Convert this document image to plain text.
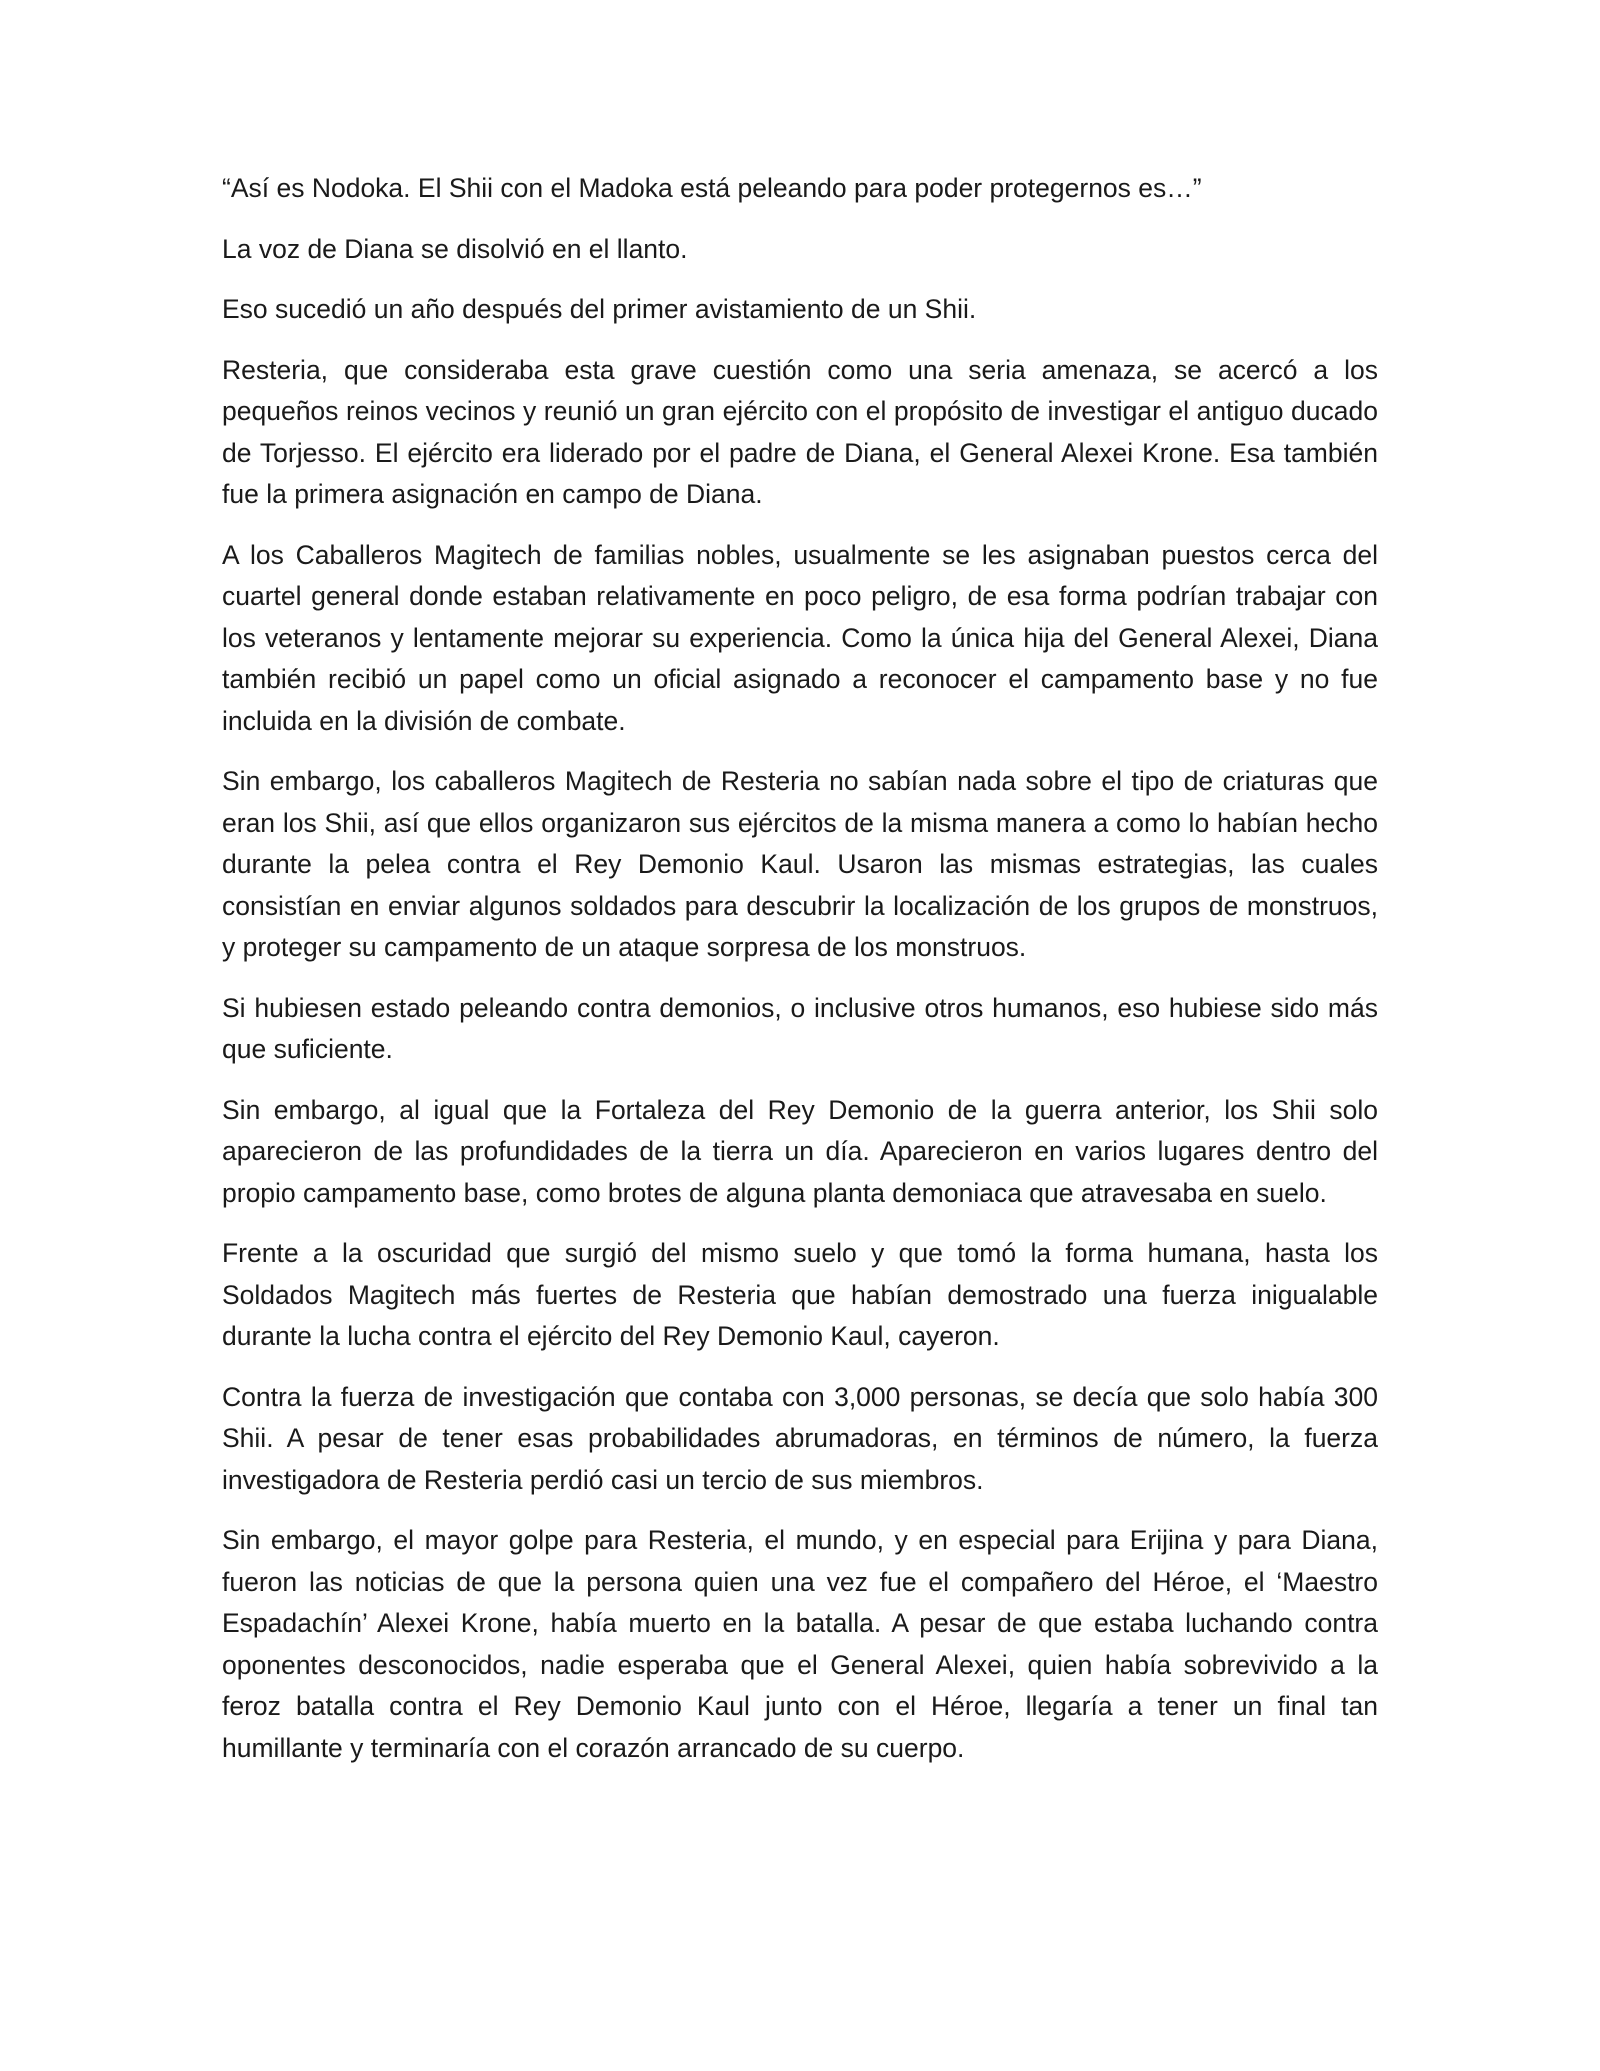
“Así es Nodoka. El Shii con el Madoka está peleando para poder protegernos es…”

La voz de Diana se disolvió en el llanto.

Eso sucedió un año después del primer avistamiento de un Shii.

Resteria, que consideraba esta grave cuestión como una seria amenaza, se acercó a los pequeños reinos vecinos y reunió un gran ejército con el propósito de investigar el antiguo ducado de Torjesso. El ejército era liderado por el padre de Diana, el General Alexei Krone. Esa también fue la primera asignación en campo de Diana.

A los Caballeros Magitech de familias nobles, usualmente se les asignaban puestos cerca del cuartel general donde estaban relativamente en poco peligro, de esa forma podrían trabajar con los veteranos y lentamente mejorar su experiencia. Como la única hija del General Alexei, Diana también recibió un papel como un oficial asignado a reconocer el campamento base y no fue incluida en la división de combate.

Sin embargo, los caballeros Magitech de Resteria no sabían nada sobre el tipo de criaturas que eran los Shii, así que ellos organizaron sus ejércitos de la misma manera a como lo habían hecho durante la pelea contra el Rey Demonio Kaul. Usaron las mismas estrategias, las cuales consistían en enviar algunos soldados para descubrir la localización de los grupos de monstruos, y proteger su campamento de un ataque sorpresa de los monstruos.

Si hubiesen estado peleando contra demonios, o inclusive otros humanos, eso hubiese sido más que suficiente.

Sin embargo, al igual que la Fortaleza del Rey Demonio de la guerra anterior, los Shii solo aparecieron de las profundidades de la tierra un día. Aparecieron en varios lugares dentro del propio campamento base, como brotes de alguna planta demoniaca que atravesaba en suelo.

Frente a la oscuridad que surgió del mismo suelo y que tomó la forma humana, hasta los Soldados Magitech más fuertes de Resteria que habían demostrado una fuerza inigualable durante la lucha contra el ejército del Rey Demonio Kaul, cayeron.

Contra la fuerza de investigación que contaba con 3,000 personas, se decía que solo había 300 Shii. A pesar de tener esas probabilidades abrumadoras, en términos de número, la fuerza investigadora de Resteria perdió casi un tercio de sus miembros.

Sin embargo, el mayor golpe para Resteria, el mundo, y en especial para Erijina y para Diana, fueron las noticias de que la persona quien una vez fue el compañero del Héroe, el ‘Maestro Espadachín’ Alexei Krone, había muerto en la batalla. A pesar de que estaba luchando contra oponentes desconocidos, nadie esperaba que el General Alexei, quien había sobrevivido a la feroz batalla contra el Rey Demonio Kaul junto con el Héroe, llegaría a tener un final tan humillante y terminaría con el corazón arrancado de su cuerpo.
